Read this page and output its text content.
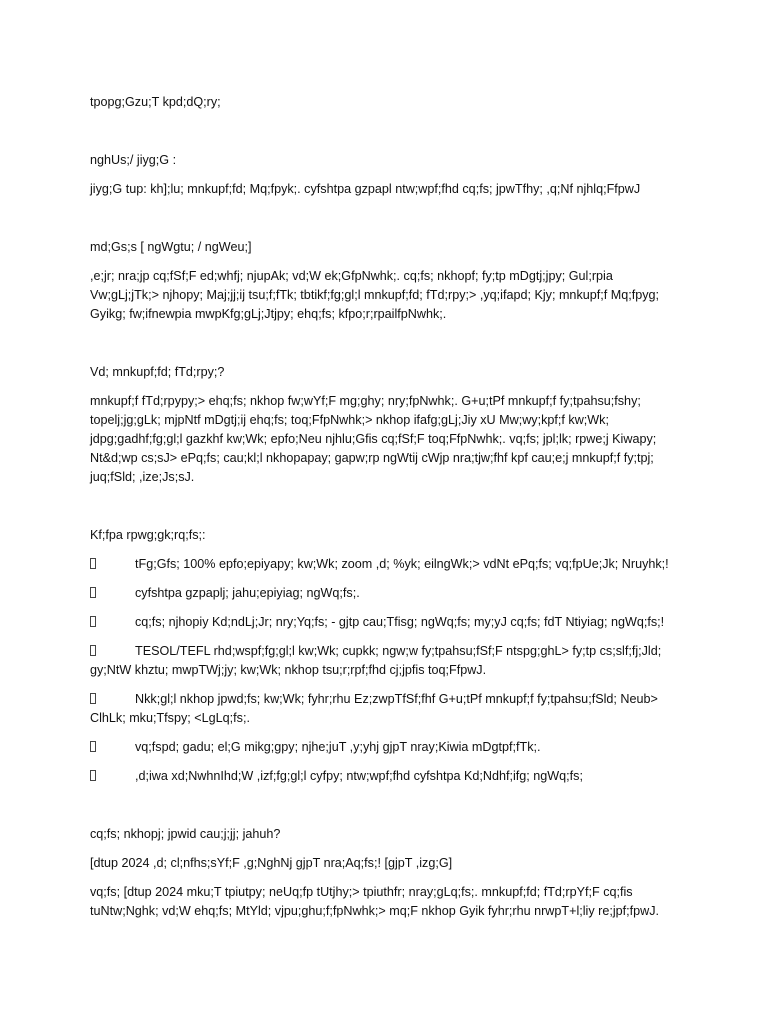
tpopg;Gzu;T kpd;dQ;ry;

nghUs;/ jiyg;G :

jiyg;G tup: kh];lu; mnkupf;fd; Mq;fpyk;. cyfshtpa gzpapl ntw;wpf;fhd cq;fs; jpwTfhy; ,q;Nf njhlq;FfpwJ

md;Gs;s [ ngWgtu; / ngWeu;]

,e;jr; nra;jp cq;fSf;F ed;whfj; njupAk; vd;W ek;GfpNwhk;. cq;fs; nkhopf; fy;tp mDgtj;jpy; Gul;rpia Vw;gLj;jTk;> njhopy; Maj;jj;ij tsu;f;fTk; tbtikf;fg;gl;l mnkupf;fd; fTd;rpy;> ,yq;ifapd; Kjy; mnkupf;f Mq;fpyg; Gyikg; fw;ifnewpia mwpKfg;gLj;Jtjpy; ehq;fs; kfpo;r;rpailfpNwhk;.

Vd; mnkupf;fd; fTd;rpy;?

mnkupf;f fTd;rpypy;> ehq;fs; nkhop fw;wYf;F mg;ghy; nry;fpNwhk;. G+u;tPf mnkupf;f fy;tpahsu;fshy; topelj;jg;gLk; mjpNtf mDgtj;ij ehq;fs; toq;FfpNwhk;> nkhop ifafg;gLj;Jiy xU Mw;wy;kpf;f kw;Wk; jdpg;gadhf;fg;gl;l gazkhf kw;Wk; epfo;Neu njhlu;Gfis cq;fSf;F toq;FfpNwhk;. vq;fs; jpl;lk; rpwe;j Kiwapy; Nt&d;wp cs;sJ> ePq;fs; cau;kl;l nkhopapay; gapw;rp ngWtij cWjp nra;tjw;fhf kpf cau;e;j mnkupf;f fy;tpj; juq;fSld; ,ize;Js;sJ.

Kf;fpa rpwg;gk;rq;fs;:

tFg;Gfs; 100% epfo;epiyapy; kw;Wk; zoom ,d; %yk; eilngWk;> vdNt ePq;fs; vq;fpUe;Jk; Nruyhk;!
cyfshtpa gzpaplj; jahu;epiyiag; ngWq;fs;.
cq;fs; njhopiy Kd;ndLj;Jr; nry;Yq;fs; - gjtp cau;Tfisg; ngWq;fs; my;yJ cq;fs; fdT Ntiyiag; ngWq;fs;!
TESOL/TEFL rhd;wspf;fg;gl;l kw;Wk; cupkk; ngw;w fy;tpahsu;fSf;F ntspg;ghL> fy;tp cs;slf;fj;Jld; gy;NtW khztu; mwpTWj;jy; kw;Wk; nkhop tsu;r;rpf;fhd cj;jpfis toq;FfpwJ.
Nkk;gl;l nkhop jpwd;fs; kw;Wk; fyhr;rhu Ez;zwpTfSf;fhf G+u;tPf mnkupf;f fy;tpahsu;fSld; Neub> ClhLk; mku;Tfspy; <LgLq;fs;.
vq;fspd; gadu; el;G mikg;gpy; njhe;juT ,y;yhj gjpT nray;Kiwia mDgtpf;fTk;.
,d;iwa xd;NwhnIhd;W ,izf;fg;gl;l cyfpy; ntw;wpf;fhd cyfshtpa Kd;Ndhf;ifg; ngWq;fs;

cq;fs; nkhopj; jpwid cau;j;jj; jahuh?

[dtup 2024 ,d; cl;nfhs;sYf;F ,g;NghNj gjpT nra;Aq;fs;! [gjpT ,izg;G]

vq;fs; [dtup 2024 mku;T tpiutpy; neUq;fp tUtjhy;> tpiuthfr; nray;gLq;fs;. mnkupf;fd; fTd;rpYf;F cq;fis tuNtw;Nghk; vd;W ehq;fs; MtYld; vjpu;ghu;f;fpNwhk;> mq;F nkhop Gyik fyhr;rhu nrwpT+l;liy re;jpf;fpwJ.
